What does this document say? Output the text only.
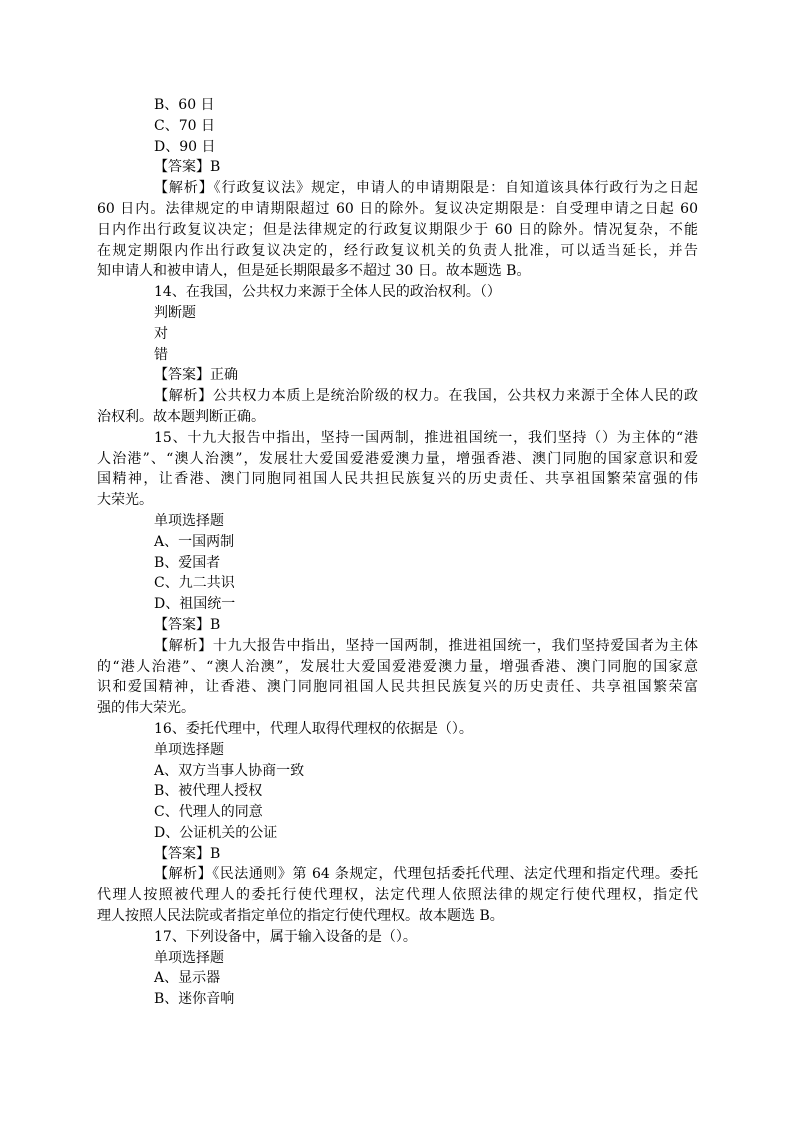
B、60 日
C、70 日
D、90 日
【答案】B
【解析】《行政复议法》规定，申请人的申请期限是：自知道该具体行政行为之日起
60 日内。法律规定的申请期限超过 60 日的除外。复议决定期限是：自受理申请之日起 60
日内作出行政复议决定；但是法律规定的行政复议期限少于 60 日的除外。情况复杂，不能
在规定期限内作出行政复议决定的，经行政复议机关的负责人批准，可以适当延长，并告
知申请人和被申请人，但是延长期限最多不超过 30 日。故本题选 B。
14、在我国，公共权力来源于全体人民的政治权利。（）
判断题
对
错
【答案】正确
【解析】公共权力本质上是统治阶级的权力。在我国，公共权力来源于全体人民的政
治权利。故本题判断正确。
15、十九大报告中指出，坚持一国两制，推进祖国统一，我们坚持（）为主体的“港
人治港”、“澳人治澳”，发展壮大爱国爱港爱澳力量，增强香港、澳门同胞的国家意识和爱
国精神，让香港、澳门同胞同祖国人民共担民族复兴的历史责任、共享祖国繁荣富强的伟
大荣光。
单项选择题
A、一国两制
B、爱国者
C、九二共识
D、祖国统一
【答案】B
【解析】十九大报告中指出，坚持一国两制，推进祖国统一，我们坚持爱国者为主体
的“港人治港”、“澳人治澳”，发展壮大爱国爱港爱澳力量，增强香港、澳门同胞的国家意
识和爱国精神，让香港、澳门同胞同祖国人民共担民族复兴的历史责任、共享祖国繁荣富
强的伟大荣光。
16、委托代理中，代理人取得代理权的依据是（）。
单项选择题
A、双方当事人协商一致
B、被代理人授权
C、代理人的同意
D、公证机关的公证
【答案】B
【解析】《民法通则》第 64 条规定，代理包括委托代理、法定代理和指定代理。委托
代理人按照被代理人的委托行使代理权，法定代理人依照法律的规定行使代理权，指定代
理人按照人民法院或者指定单位的指定行使代理权。故本题选 B。
17、下列设备中，属于输入设备的是（）。
单项选择题
A、显示器
B、迷你音响
